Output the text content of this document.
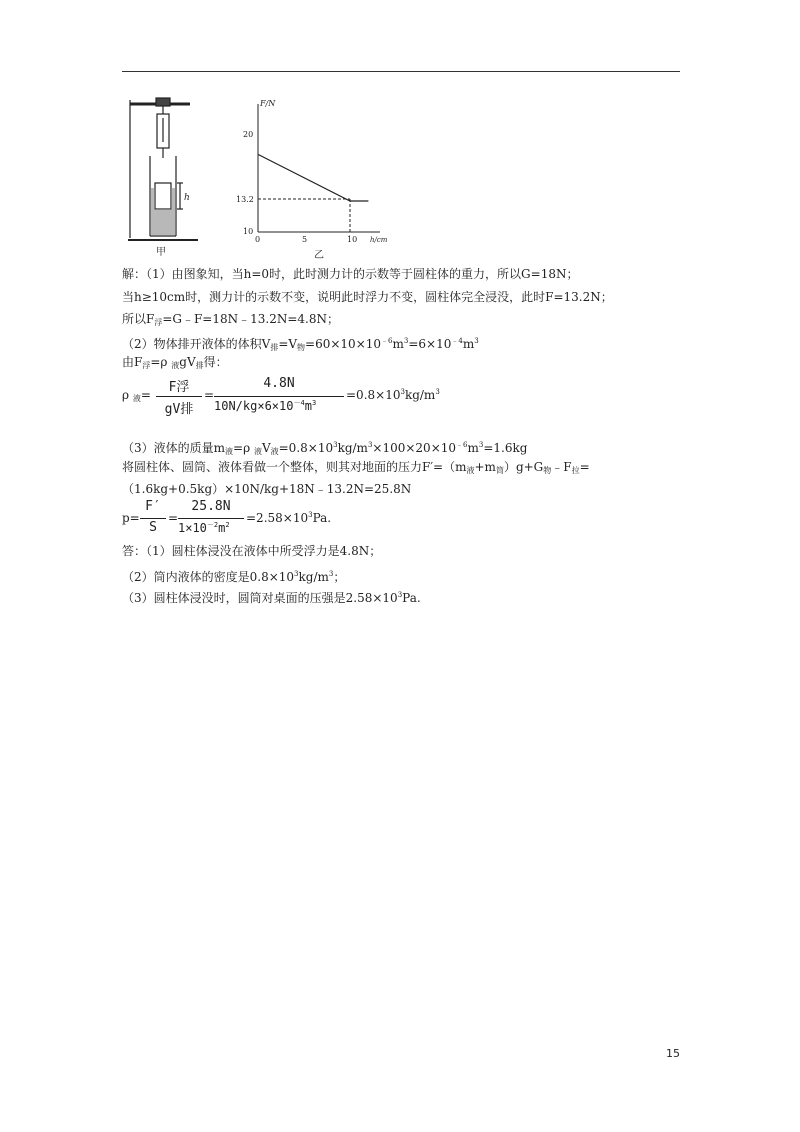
h
甲
F/N
h/cm
20
13.2
10
0	5	10
乙
解：（1）由图象知，当h=0时，此时测力计的示数等于圆柱体的重力，所以G=18N；
当h≥10cm时，测力计的示数不变，说明此时浮力不变，圆柱体完全浸没，此时F=13.2N；
所以$F_浮=G﹣F=18N﹣13.2N=4.8N$；
（2）物体排开液体的体积$V_排=V_物=60\times 10\times 10^{﹣6}m^3=6\times 10^{﹣4}m^3$
由$F_浮=\rho$ $_液gV_排$得：
ρ $_液$=	F浮
gV排
=
4.8N
$10N/kg\times 6\times 10^{-4}m^3$
$=0.8\times 10^3kg/m^3$
（3）液体的质量$m_液=\rho$ $_液V_液=0.8\times 10^3kg/m^3\times 100\times 20\times 10^{﹣6}m^3=1.6kg$
将圆柱体、圆筒、液体看做一个整体，则其对地面的压力$F'=(m_液+m_筒)g+G_物﹣F_拉=$
（1.6kg+0.5kg）×10N/kg+18N﹣13.2N=25.8N
p=
F′
S
=
25.8N
$1\times 10^{-2}m^2$	$=2.58\times 10^3Pa$.
答：（1）圆柱体浸没在液体中所受浮力是4.8N；
（2）筒内液体的密度是$0.8\times 10^3kg/m^3$；
（3）圆柱体浸没时，圆筒对桌面的压强是$2.58\times 10^3Pa$.
15
